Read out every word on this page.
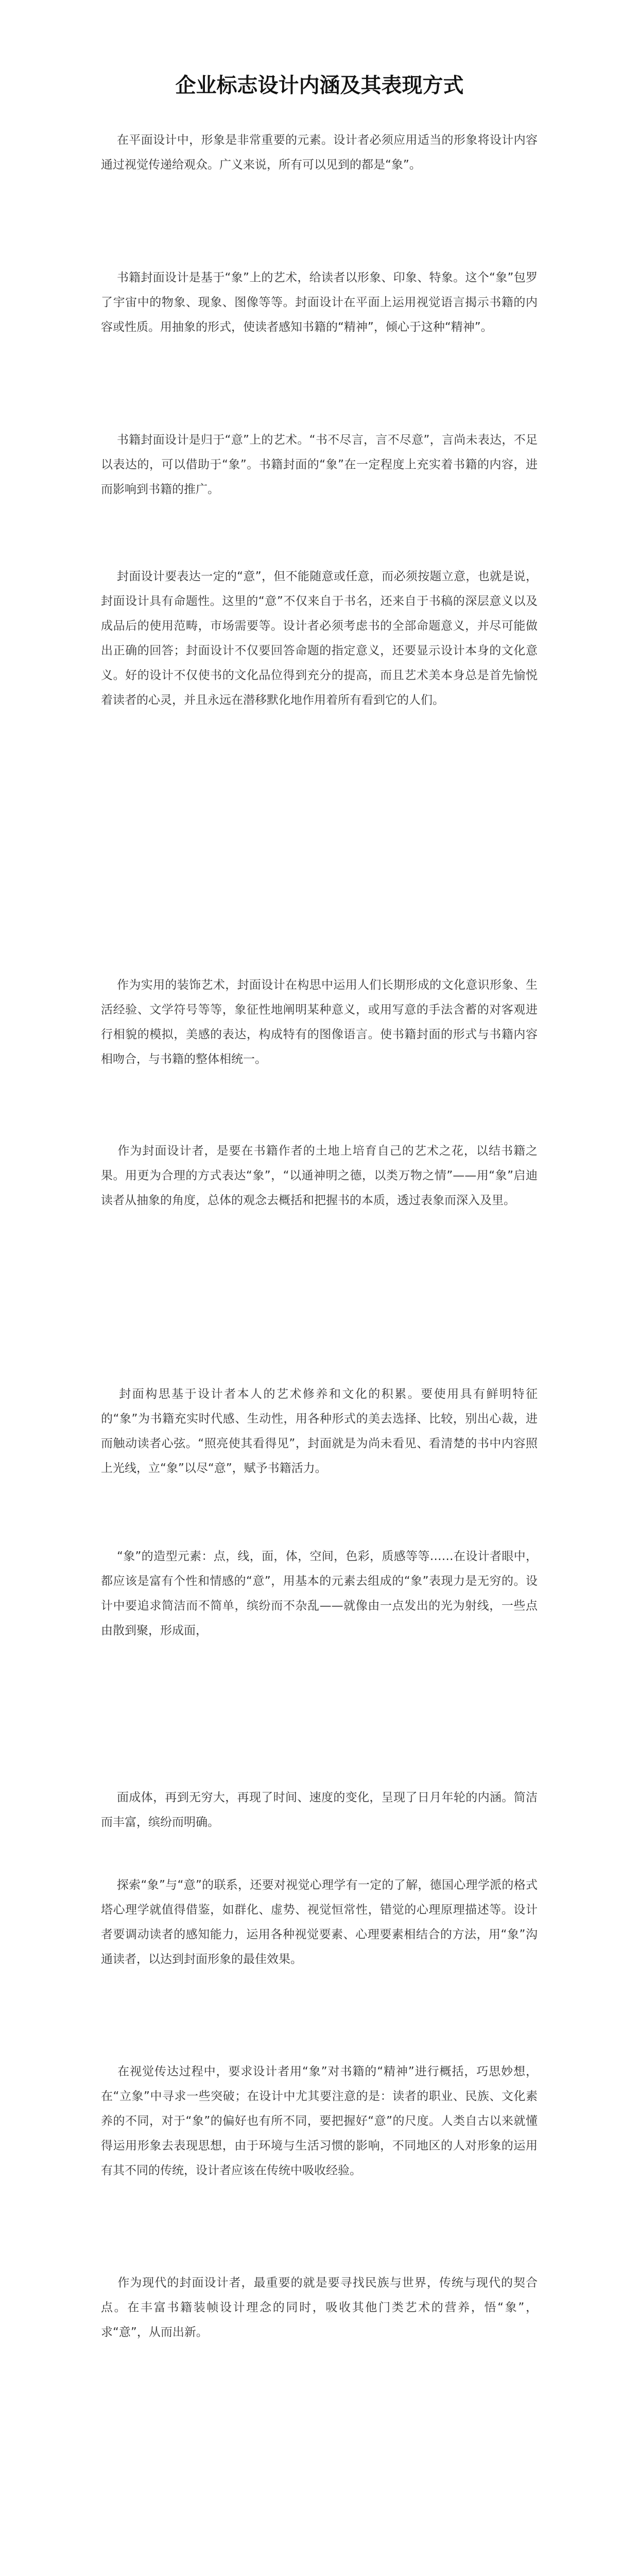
企业标志设计内涵及其表现方式

　 在平面设计中，形象是非常重要的元素。设计者必须应用适当的形象将设计内容通过视觉传递给观众。广义来说，所有可以见到的都是“象”。

　 书籍封面设计是基于“象”上的艺术，给读者以形象、印象、特象。这个“象”包罗了宇宙中的物象、现象、图像等等。封面设计在平面上运用视觉语言揭示书籍的内容或性质。用抽象的形式，使读者感知书籍的“精神”，倾心于这种“精神”。

　 书籍封面设计是归于“意”上的艺术。“书不尽言，言不尽意”，言尚未表达，不足以表达的，可以借助于“象”。书籍封面的“象”在一定程度上充实着书籍的内容，进而影响到书籍的推广。

　 封面设计要表达一定的“意”，但不能随意或任意，而必须按题立意，也就是说，封面设计具有命题性。这里的“意”不仅来自于书名，还来自于书稿的深层意义以及成品后的使用范畴，市场需要等。设计者必须考虑书的全部命题意义，并尽可能做出正确的回答；封面设计不仅要回答命题的指定意义，还要显示设计本身的文化意义。好的设计不仅使书的文化品位得到充分的提高，而且艺术美本身总是首先愉悦着读者的心灵，并且永远在潜移默化地作用着所有看到它的人们。

　 作为实用的装饰艺术，封面设计在构思中运用人们长期形成的文化意识形象、生活经验、文学符号等等，象征性地阐明某种意义，或用写意的手法含蓄的对客观进行相貌的模拟，美感的表达，构成特有的图像语言。使书籍封面的形式与书籍内容相吻合，与书籍的整体相统一。

　 作为封面设计者，是要在书籍作者的土地上培育自己的艺术之花，以结书籍之果。用更为合理的方式表达“象”，“以通神明之德，以类万物之情”——用“象”启迪读者从抽象的角度，总体的观念去概括和把握书的本质，透过表象而深入及里。

　 封面构思基于设计者本人的艺术修养和文化的积累。要使用具有鲜明特征的“象”为书籍充实时代感、生动性，用各种形式的美去选择、比较，别出心裁，进而触动读者心弦。“照亮使其看得见”，封面就是为尚未看见、看清楚的书中内容照上光线，立“象”以尽“意”，赋予书籍活力。

　 “象”的造型元素：点，线，面，体，空间，色彩，质感等等……在设计者眼中，都应该是富有个性和情感的“意”，用基本的元素去组成的“象”表现力是无穷的。设计中要追求简洁而不简单，缤纷而不杂乱——就像由一点发出的光为射线，一些点由散到聚，形成面，

　 面成体，再到无穷大，再现了时间、速度的变化，呈现了日月年轮的内涵。简洁而丰富，缤纷而明确。

　 探索“象”与“意”的联系，还要对视觉心理学有一定的了解，德国心理学派的格式塔心理学就值得借鉴，如群化、虚势、视觉恒常性，错觉的心理原理描述等。设计者要调动读者的感知能力，运用各种视觉要素、心理要素相结合的方法，用“象”沟通读者，以达到封面形象的最佳效果。

　 在视觉传达过程中，要求设计者用“象”对书籍的“精神”进行概括，巧思妙想，在“立象”中寻求一些突破；在设计中尤其要注意的是：读者的职业、民族、文化素养的不同，对于“象”的偏好也有所不同，要把握好“意”的尺度。人类自古以来就懂得运用形象去表现思想，由于环境与生活习惯的影响，不同地区的人对形象的运用有其不同的传统，设计者应该在传统中吸收经验。

　 作为现代的封面设计者，最重要的就是要寻找民族与世界，传统与现代的契合点。在丰富书籍装帧设计理念的同时，吸收其他门类艺术的营养，悟“象”，求“意”，从而出新。
